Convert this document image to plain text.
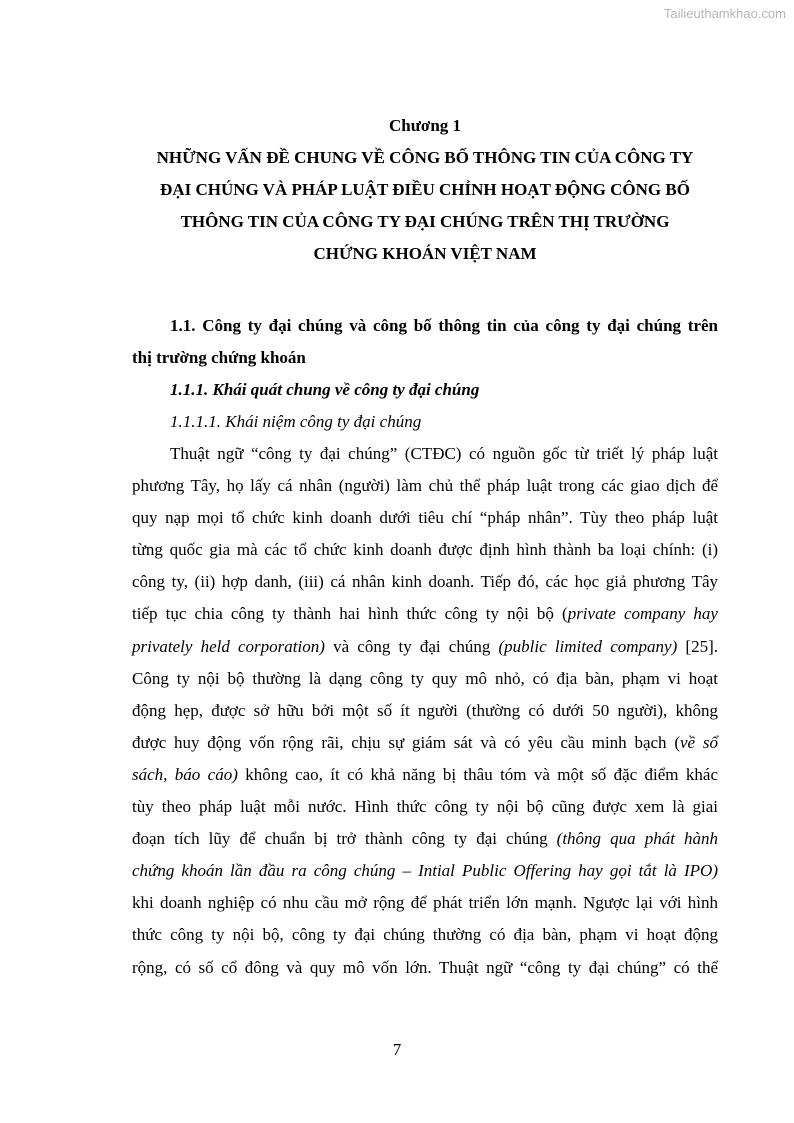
Tailieuthamkhao.com

Chương 1

NHỮNG VẤN ĐỀ CHUNG VỀ CÔNG BỐ THÔNG TIN CỦA CÔNG TY
ĐẠI CHÚNG VÀ PHÁP LUẬT ĐIỀU CHỈNH HOẠT ĐỘNG CÔNG BỐ
THÔNG TIN CỦA CÔNG TY ĐẠI CHÚNG TRÊN THỊ TRƯỜNG
CHỨNG KHOÁN VIỆT NAM

1.1. Công ty đại chúng và công bố thông tin của công ty đại chúng trên
thị trường chứng khoán

1.1.1. Khái quát chung về công ty đại chúng

1.1.1.1. Khái niệm công ty đại chúng

Thuật ngữ “công ty đại chúng” (CTĐC) có nguồn gốc từ triết lý pháp luật
phương Tây, họ lấy cá nhân (người) làm chủ thể pháp luật trong các giao dịch để
quy nạp mọi tổ chức kinh doanh dưới tiêu chí “pháp nhân”. Tùy theo pháp luật
từng quốc gia mà các tổ chức kinh doanh được định hình thành ba loại chính: (i)
công ty, (ii) hợp danh, (iii) cá nhân kinh doanh. Tiếp đó, các học giả phương Tây
tiếp tục chia công ty thành hai hình thức công ty nội bộ (private company hay
privately held corporation) và công ty đại chúng (public limited company) [25].
Công ty nội bộ thường là dạng công ty quy mô nhỏ, có địa bàn, phạm vi hoạt
động hẹp, được sở hữu bởi một số ít người (thường có dưới 50 người), không
được huy động vốn rộng rãi, chịu sự giám sát và có yêu cầu minh bạch (về sổ
sách, báo cáo) không cao, ít có khả năng bị thâu tóm và một số đặc điểm khác
tùy theo pháp luật mỗi nước. Hình thức công ty nội bộ cũng được xem là giai
đoạn tích lũy để chuẩn bị trở thành công ty đại chúng (thông qua phát hành
chứng khoán lần đầu ra công chúng – Intial Public Offering hay gọi tắt là IPO)
khi doanh nghiệp có nhu cầu mở rộng để phát triển lớn mạnh. Ngược lại với hình
thức công ty nội bộ, công ty đại chúng thường có địa bàn, phạm vi hoạt động
rộng, có số cổ đông và quy mô vốn lớn. Thuật ngữ “công ty đại chúng” có thể
7
